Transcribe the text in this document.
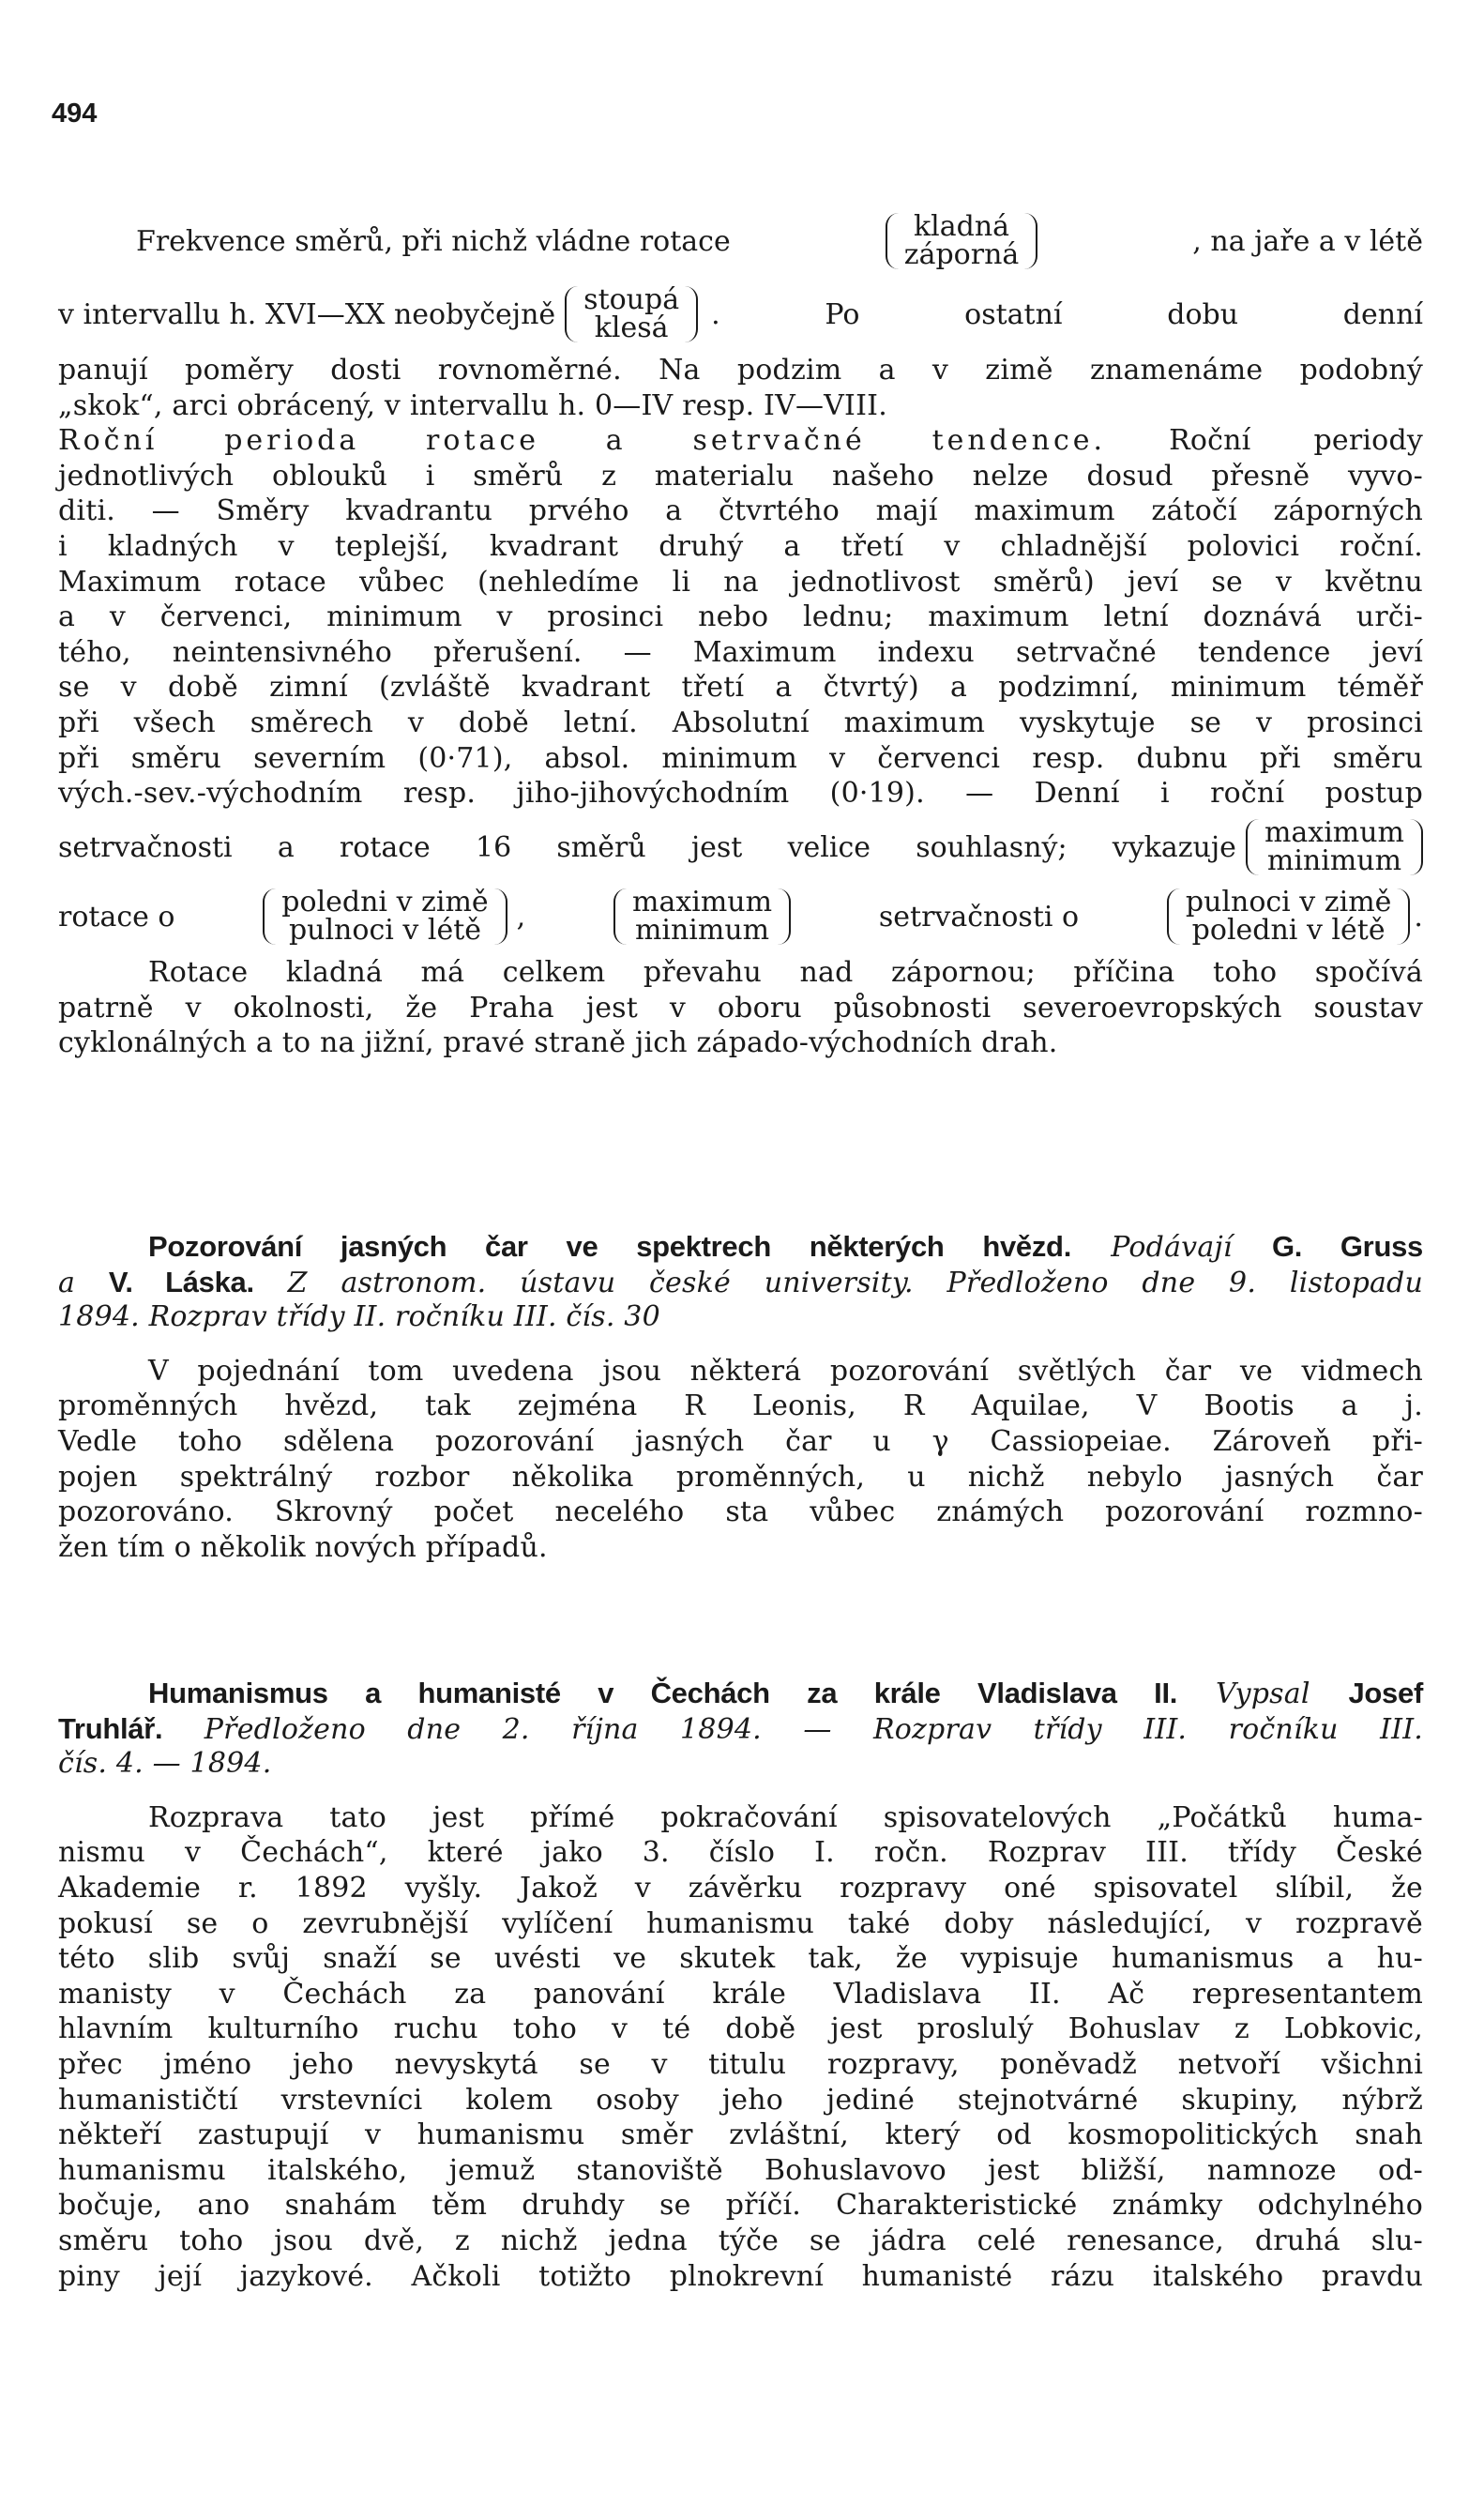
494
Frekvence směrů, při nichž vládne rotace	kladná
záporná	, na jaře a v létě
v intervallu h. XVI—XX neobyčejně stoupá
klesá	. Po ostatní dobu denní
panují poměry dosti rovnoměrné. Na podzim a v zimě znamenáme podobný
„skok“, arci obrácený, v intervallu h. 0—IV resp. IV—VIII.
Roční perioda rotace a setrvačné tendence. Roční periody
jednotlivých oblouků i směrů z materialu našeho nelze dosud přesně vyvo-
diti. — Směry kvadrantu prvého a čtvrtého mají maximum zátočí záporných
i kladných v teplejší, kvadrant druhý a třetí v chladnější polovici roční.
Maximum rotace vůbec (nehledíme li na jednotlivost směrů) jeví se v květnu
a v červenci, minimum v prosinci nebo lednu; maximum letní doznává urči-
tého, neintensivného přerušení. — Maximum indexu setrvačné tendence jeví
se v době zimní (zvláště kvadrant třetí a čtvrtý) a podzimní, minimum téměř
při všech směrech v době letní. Absolutní maximum vyskytuje se v prosinci
při směru severním (0·71), absol. minimum v červenci resp. dubnu při směru
vých.-sev.-východním resp. jiho-jihovýchodním (0·19). — Denní i roční postup
setrvačnosti a rotace 16 směrů jest velice souhlasný; vykazuje maximum
minimum
rotace o	poledni v zimě
pulnoci v létě ,	maximum
minimum	setrvačnosti o	pulnoci v zimě
poledni v létě .
Rotace kladná má celkem převahu nad zápornou; příčina toho spočívá
patrně v okolnosti, že Praha jest v oboru působnosti severoevropských soustav
cyklonálných a to na jižní, pravé straně jich západo-východních drah.
Pozorování jasných čar ve spektrech některých hvězd. Podávají G. Gruss
a V. Láska. Z astronom. ústavu české university. Předloženo dne 9. listopadu
1894. Rozprav třídy II. ročníku III. čís. 30
V pojednání tom uvedena jsou některá pozorování světlých čar ve vidmech
proměnných hvězd, tak zejména R Leonis, R Aquilae, V Bootis a j.
Vedle toho sdělena pozorování jasných čar u γ Cassiopeiae. Zároveň při-
pojen spektrálný rozbor několika proměnných, u nichž nebylo jasných čar
pozorováno. Skrovný počet necelého sta vůbec známých pozorování rozmno-
žen tím o několik nových případů.
Humanismus a humanisté v Čechách za krále Vladislava II. Vypsal Josef
Truhlář. Předloženo dne 2. října 1894. — Rozprav třídy III. ročníku III.
čís. 4. — 1894.
Rozprava tato jest přímé pokračování spisovatelových „Počátků huma-
nismu v Čechách“, které jako 3. číslo I. ročn. Rozprav III. třídy České
Akademie r. 1892 vyšly. Jakož v závěrku rozpravy oné spisovatel slíbil, že
pokusí se o zevrubnější vylíčení humanismu také doby následující, v rozpravě
této slib svůj snaží se uvésti ve skutek tak, že vypisuje humanismus a hu-
manisty v Čechách za panování krále Vladislava II. Ač representantem
hlavním kulturního ruchu toho v té době jest proslulý Bohuslav z Lobkovic,
přec jméno jeho nevyskytá se v titulu rozpravy, poněvadž netvoří všichni
humanističtí vrstevníci kolem osoby jeho jediné stejnotvárné skupiny, nýbrž
někteří zastupují v humanismu směr zvláštní, který od kosmopolitických snah
humanismu italského, jemuž stanoviště Bohuslavovo jest bližší, namnoze od-
bočuje, ano snahám těm druhdy se příčí. Charakteristické známky odchylného
směru toho jsou dvě, z nichž jedna týče se jádra celé renesance, druhá slu-
piny její jazykové. Ačkoli totižto plnokrevní humanisté rázu italského pravdu
